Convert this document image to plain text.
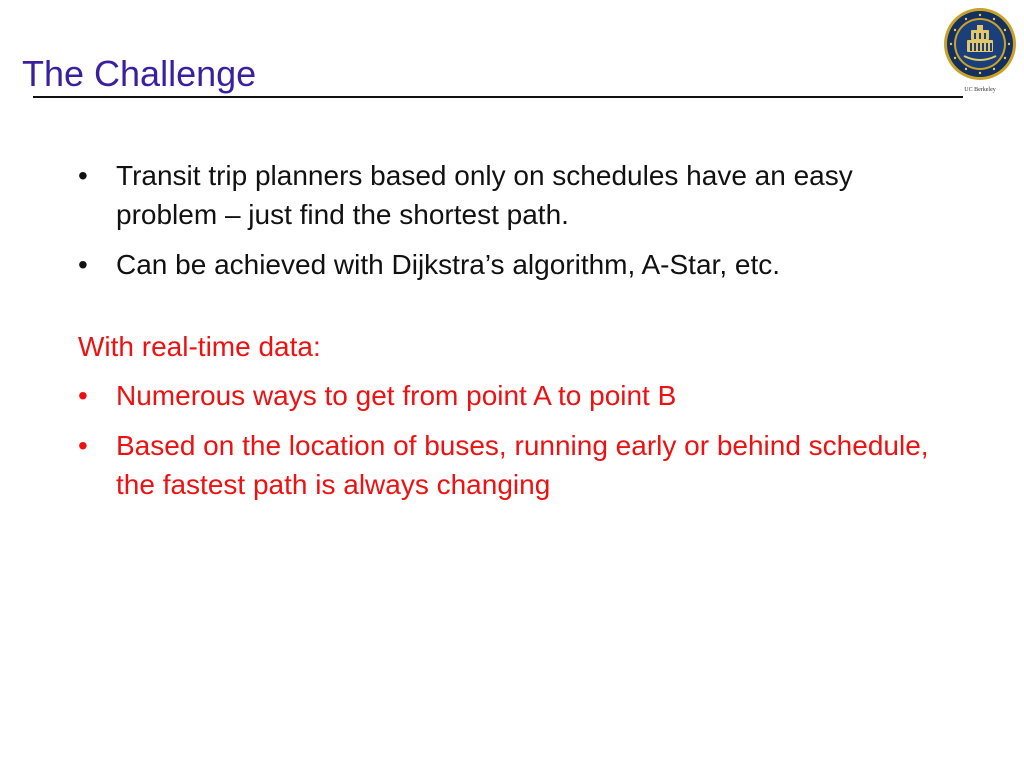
The Challenge	UC Berkeley
• Transit trip planners based only on schedules have an easy problem – just find the shortest path.
• Can be achieved with Dijkstra’s algorithm, A-Star, etc.

With real-time data:

• Numerous ways to get from point A to point B
• Based on the location of buses, running early or behind schedule, the fastest path is always changing
